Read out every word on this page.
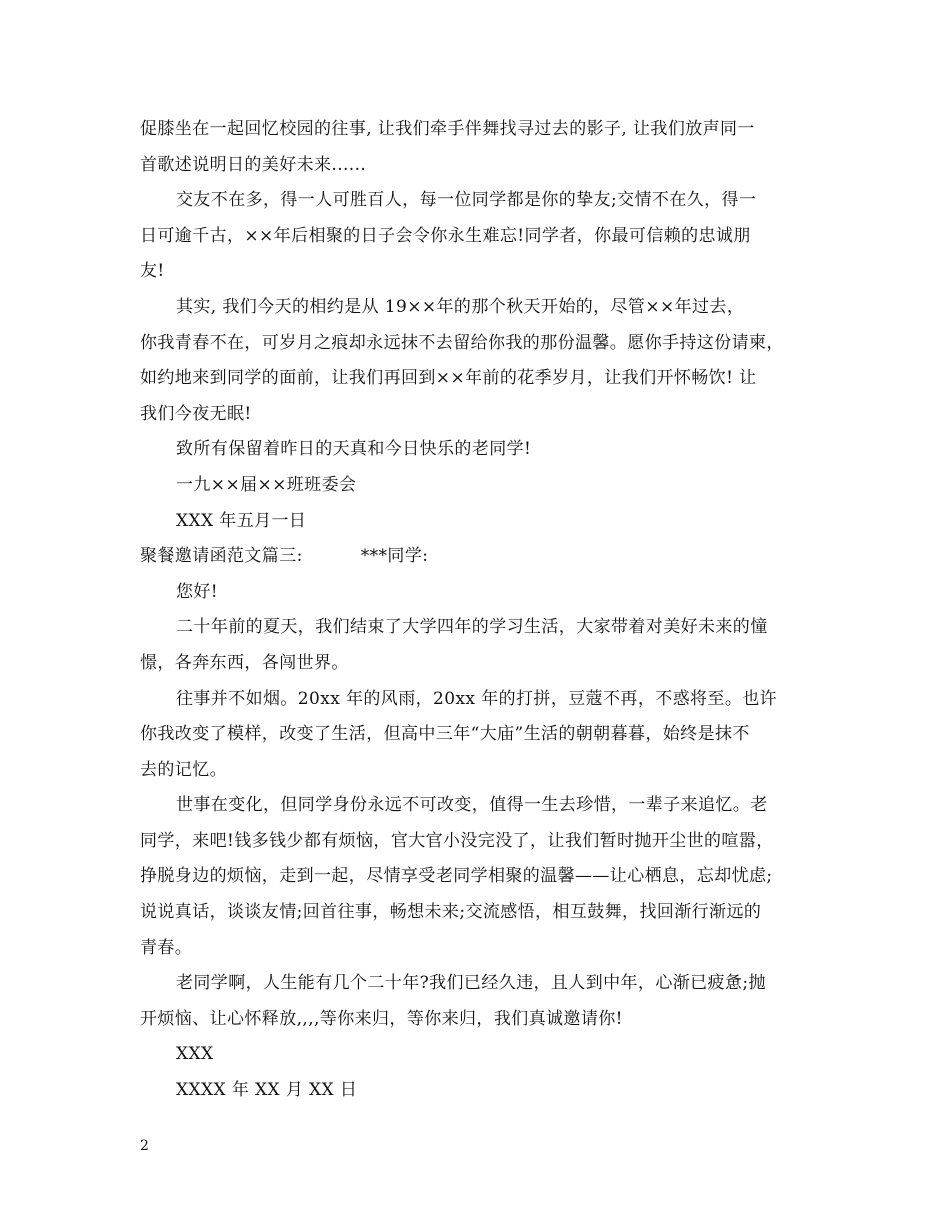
促膝坐在一起回忆校园的往事, 让我们牵手伴舞找寻过去的影子, 让我们放声同一
首歌述说明日的美好未来......
交友不在多，得一人可胜百人，每一位同学都是你的挚友;交情不在久，得一
日可逾千古，××年后相聚的日子会令你永生难忘!同学者，你最可信赖的忠诚朋
友!
其实, 我们今天的相约是从 19××年的那个秋天开始的，尽管××年过去，
你我青春不在，可岁月之痕却永远抹不去留给你我的那份温馨。愿你手持这份请柬，
如约地来到同学的面前，让我们再回到××年前的花季岁月，让我们开怀畅饮! 让
我们今夜无眠!
致所有保留着昨日的天真和今日快乐的老同学!
一九××届××班班委会
XXX 年五月一日
聚餐邀请函范文篇三:	***同学:
您好!
二十年前的夏天，我们结束了大学四年的学习生活，大家带着对美好未来的憧
憬，各奔东西，各闯世界。
往事并不如烟。20xx 年的风雨，20xx 年的打拼，豆蔻不再，不惑将至。也许
你我改变了模样，改变了生活，但高中三年“大庙”生活的朝朝暮暮，始终是抹不
去的记忆。
世事在变化，但同学身份永远不可改变，值得一生去珍惜，一辈子来追忆。老
同学，来吧!钱多钱少都有烦恼，官大官小没完没了，让我们暂时抛开尘世的喧嚣，
挣脱身边的烦恼，走到一起，尽情享受老同学相聚的温馨——让心栖息，忘却忧虑;
说说真话，谈谈友情;回首往事，畅想未来;交流感悟，相互鼓舞，找回渐行渐远的
青春。
老同学啊，人生能有几个二十年?我们已经久违，且人到中年，心渐已疲惫;抛
开烦恼、让心怀释放,,,,等你来归，等你来归，我们真诚邀请你!
XXX
XXXX 年 XX 月 XX 日
2
